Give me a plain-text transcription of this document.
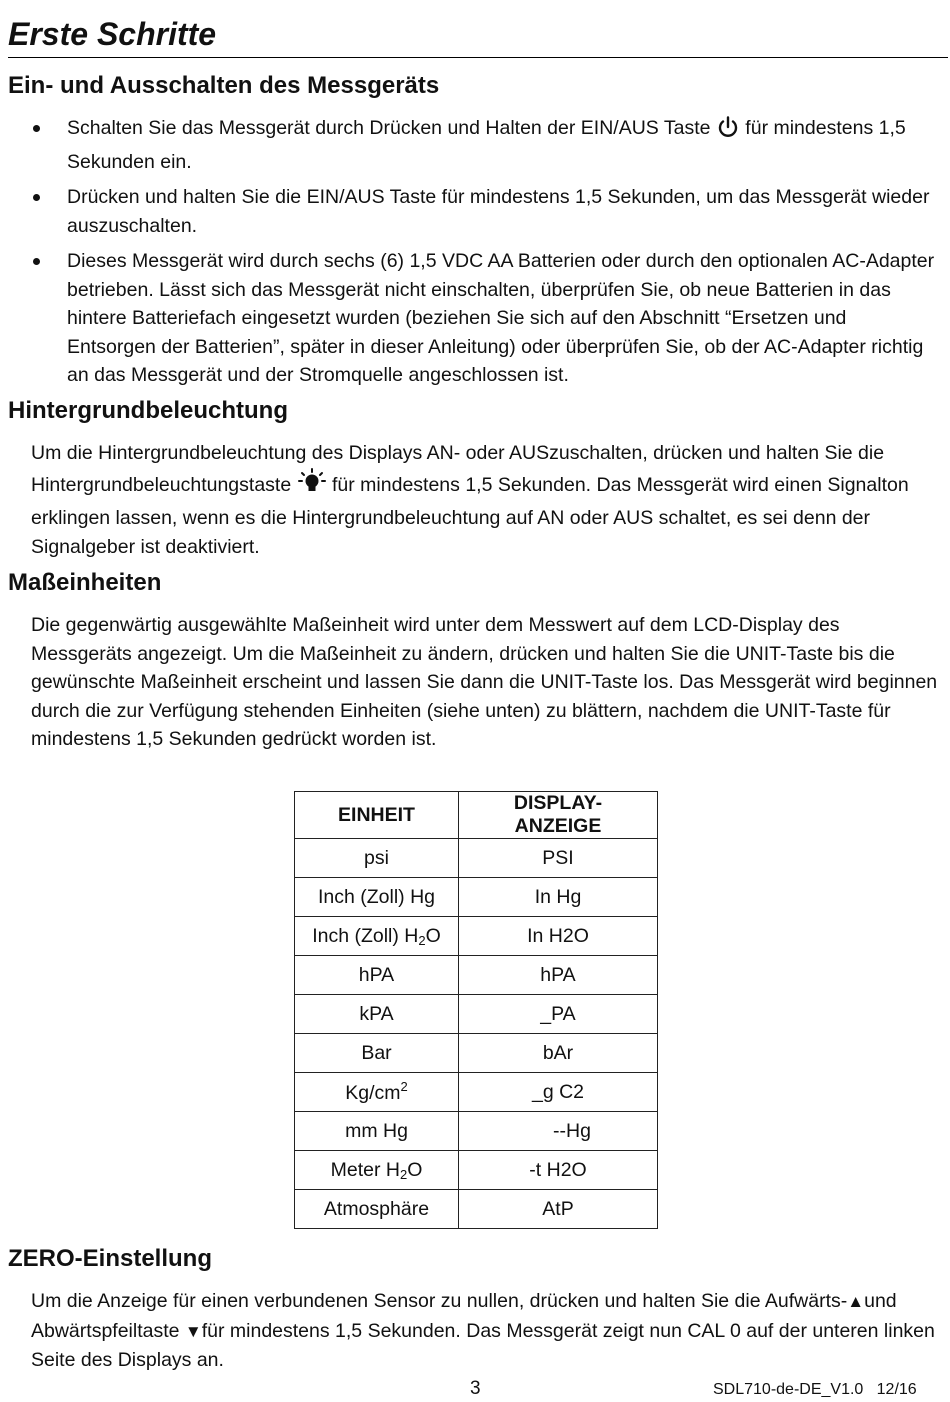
Erste Schritte
Ein- und Ausschalten des Messgeräts
Schalten Sie das Messgerät durch Drücken und Halten der EIN/AUS Taste  für mindestens 1,5 Sekunden ein.
Drücken und halten Sie die EIN/AUS Taste für mindestens 1,5 Sekunden, um das Messgerät wieder auszuschalten.
Dieses Messgerät wird durch sechs (6) 1,5 VDC AA Batterien oder durch den optionalen AC-Adapter betrieben. Lässt sich das Messgerät nicht einschalten, überprüfen Sie, ob neue Batterien in das hintere Batteriefach eingesetzt wurden (beziehen Sie sich auf den Abschnitt “Ersetzen und Entsorgen der Batterien”, später in dieser Anleitung) oder überprüfen Sie, ob der AC-Adapter richtig an das Messgerät und der Stromquelle angeschlossen ist.
Hintergrundbeleuchtung
Um die Hintergrundbeleuchtung des Displays AN- oder AUSzuschalten, drücken und halten Sie die Hintergrundbeleuchtungstaste  für mindestens 1,5 Sekunden. Das Messgerät wird einen Signalton erklingen lassen, wenn es die Hintergrundbeleuchtung auf AN oder AUS schaltet, es sei denn der Signalgeber ist deaktiviert.
Maßeinheiten
Die gegenwärtig ausgewählte Maßeinheit wird unter dem Messwert auf dem LCD-Display des Messgeräts angezeigt. Um die Maßeinheit zu ändern, drücken und halten Sie die UNIT-Taste bis die gewünschte Maßeinheit erscheint und lassen Sie dann die UNIT-Taste los. Das Messgerät wird beginnen durch die zur Verfügung stehenden Einheiten (siehe unten) zu blättern, nachdem die UNIT-Taste für mindestens 1,5 Sekunden gedrückt worden ist.
EINHEIT	DISPLAY-ANZEIGE
psi	PSI
Inch (Zoll) Hg	In Hg
Inch (Zoll) $H_2O$	In H2O
hPA	hPA
kPA	_PA
Bar	bAr
$Kg/cm^2$	_g C2
mm Hg	--Hg
Meter $H_2O$	-t H2O
Atmosphäre	AtP
ZERO-Einstellung
Um die Anzeige für einen verbundenen Sensor zu nullen, drücken und halten Sie die Aufwärts-▲und Abwärtspfeiltaste ▼für mindestens 1,5 Sekunden. Das Messgerät zeigt nun CAL 0 auf der unteren linken Seite des Displays an.
3	SDL710-de-DE_V1.0   12/16
